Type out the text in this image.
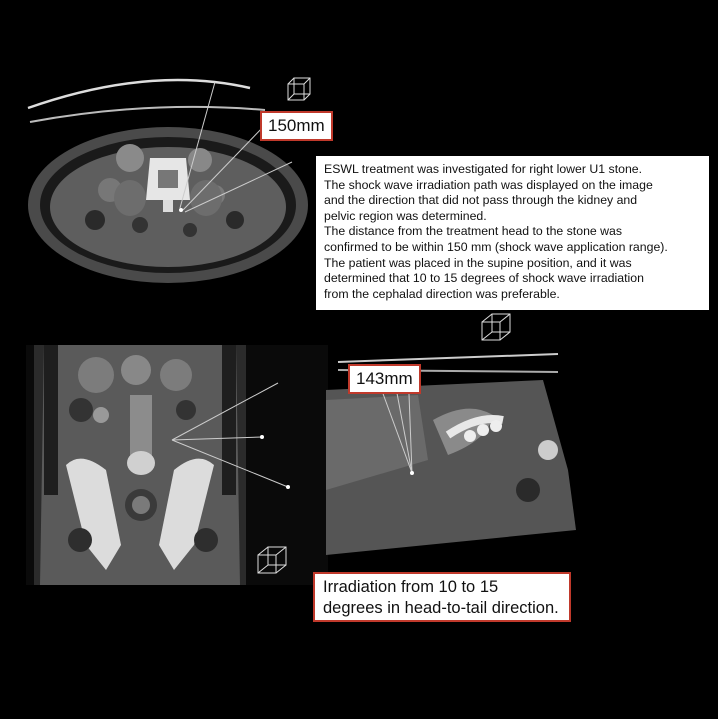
150mm

ESWL treatment was investigated for right lower U1 stone.

The shock wave irradiation path was displayed on the image

and the direction that did not pass through the kidney and

pelvic region was determined.

The distance from the treatment head to the stone was

confirmed to be within 150 mm (shock wave application range).

The patient was placed in the supine position, and it was

determined that 10 to 15 degrees of shock wave irradiation

from the cephalad direction was preferable.

143mm
Irradiation from 10 to 15
degrees in head-to-tail direction.
